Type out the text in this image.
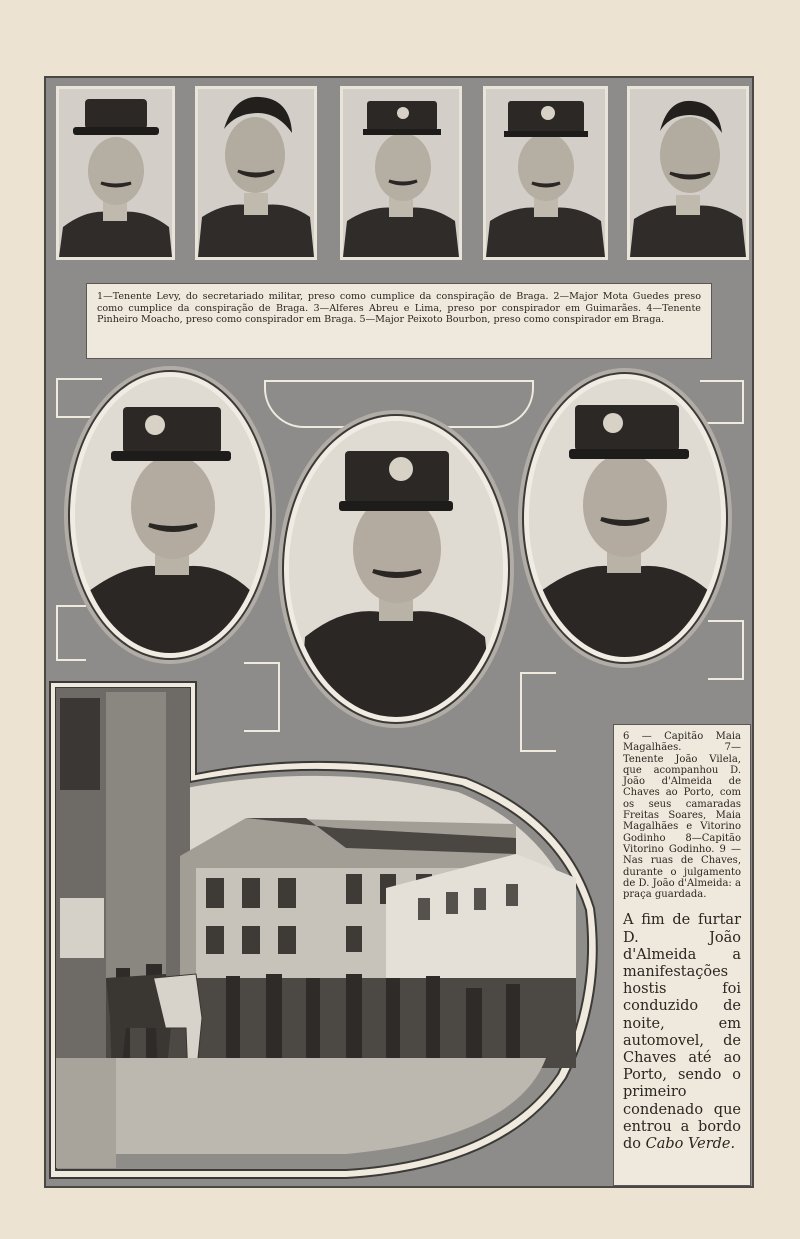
1—Tenente Levy, do secretariado militar, preso como cumplice da conspiração de Braga. 2—Major Mota Guedes preso como cumplice da conspiração de Braga. 3—Alferes Abreu e Lima, preso por conspirador em Guimarães. 4—Tenente Pinheiro Moacho, preso como conspirador em Braga. 5—Major Peixoto Bourbon, preso como conspirador em Braga.
6 — Capitão Maia Magalhães. 7—Tenente João Vilela, que acompanhou D. João d'Almeida de Chaves ao Porto, com os seus camaradas Freitas Soares, Maia Magalhães e Vitorino Godinho 8—Capitão Vitorino Godinho. 9 — Nas ruas de Chaves, durante o julgamento de D. João d'Almeida: a praça guardada.
A fim de furtar D. João d'Almeida a manifestações hostis foi conduzido de noite, em automovel, de Chaves até ao Porto, sendo o primeiro condenado que entrou a bordo do Cabo Verde.
